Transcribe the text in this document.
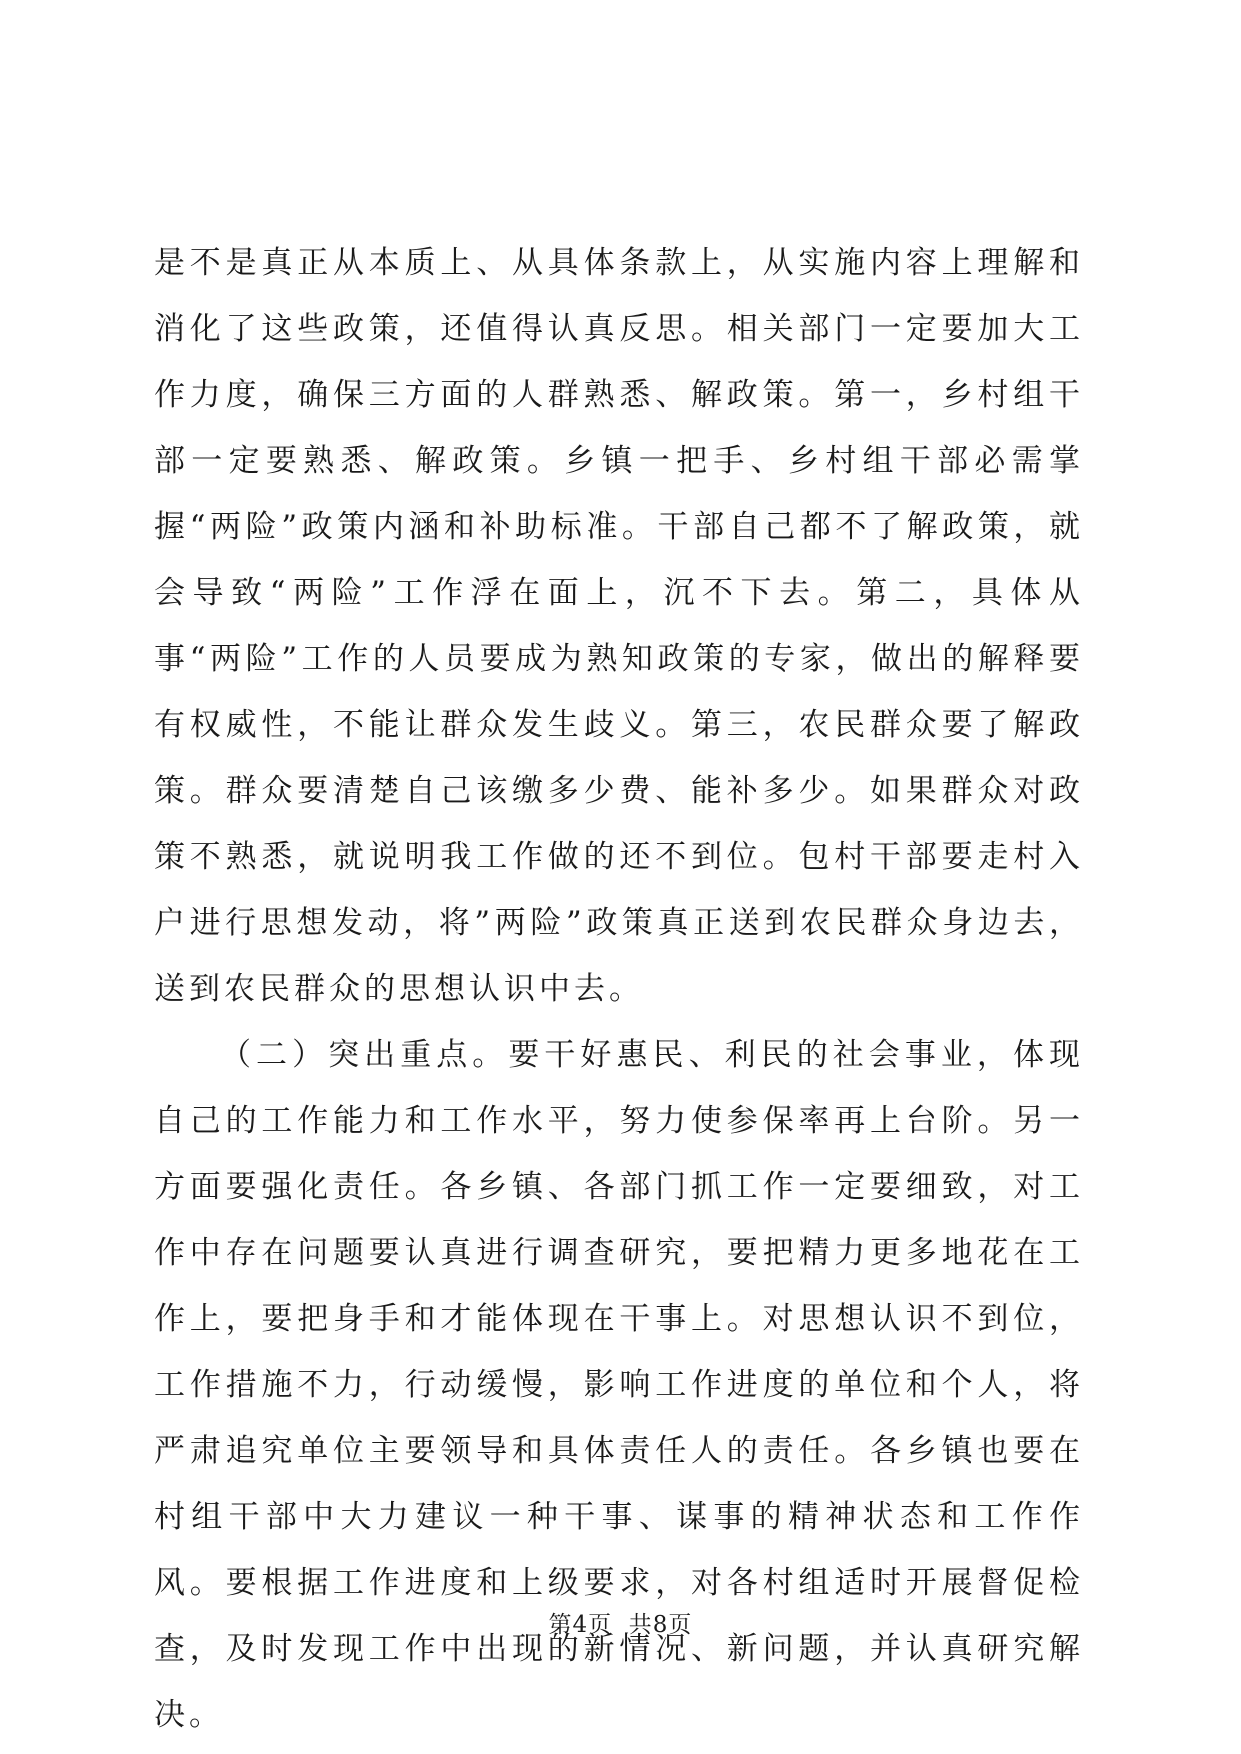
是不是真正从本质上、从具体条款上，从实施内容上理解和消化了这些政策，还值得认真反思。相关部门一定要加大工作力度，确保三方面的人群熟悉、解政策。第一，乡村组干部一定要熟悉、解政策。乡镇一把手、乡村组干部必需掌握“两险”政策内涵和补助标准。干部自己都不了解政策，就会导致“两险”工作浮在面上，沉不下去。第二，具体从事“两险”工作的人员要成为熟知政策的专家，做出的解释要有权威性，不能让群众发生歧义。第三，农民群众要了解政策。群众要清楚自己该缴多少费、能补多少。如果群众对政策不熟悉，就说明我工作做的还不到位。包村干部要走村入户进行思想发动，将”两险”政策真正送到农民群众身边去，送到农民群众的思想认识中去。

（二）突出重点。要干好惠民、利民的社会事业，体现自己的工作能力和工作水平，努力使参保率再上台阶。另一方面要强化责任。各乡镇、各部门抓工作一定要细致，对工作中存在问题要认真进行调查研究，要把精力更多地花在工作上，要把身手和才能体现在干事上。对思想认识不到位，工作措施不力，行动缓慢，影响工作进度的单位和个人，将严肃追究单位主要领导和具体责任人的责任。各乡镇也要在村组干部中大力建议一种干事、谋事的精神状态和工作作风。要根据工作进度和上级要求，对各村组适时开展督促检查，及时发现工作中出现的新情况、新问题，并认真研究解决。

第4页  共8页
